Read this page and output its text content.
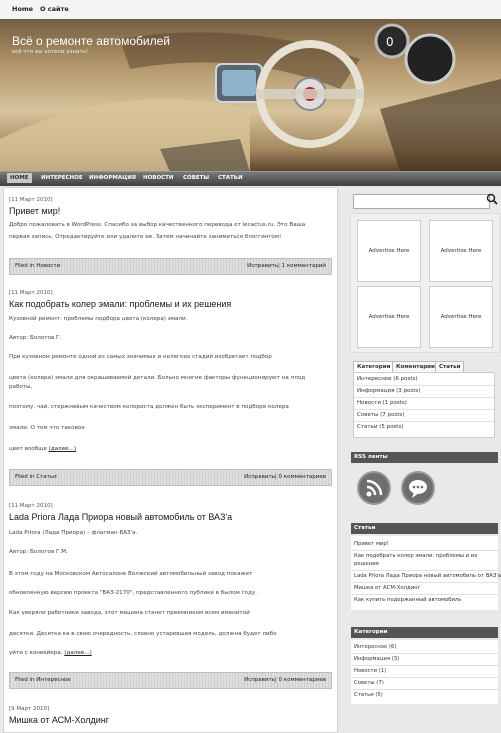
Home О сайте
0
Всё о ремонте автомобилей
всё что вы хотели узнать!
HOME	ИНТЕРЕСНОЕ ИНФОРМАЦИЯ НОВОСТИ СОВЕТЫ СТАТЬИ
[11 Март 2010]
Привет мир!
Добро пожаловать в WordPress. Спасибо за выбор качественного перевода от lecactus.ru. Это Ваша
первая запись. Отредактируйте или удалите ее. Затем начинайте заниматься блоггингом!
Filed in Новости	Исправить| 1 комментарий
[11 Март 2010]
Как подобрать колер эмали: проблемы и их решения
Кузовной ремонт: проблемы подбора цвета (колера) эмали.
Автор: Болотов Г.
При кузовном ремонте одной из самых значимых и нелегких стадий изобретает подбор
цвета (колера) эмали для окрашиваемой детали. Больно многие факторы функционируют на плод
работы,
поэтому, чай, стержневым качеством колориста должен быть эксперимент в подборе колера
эмали. О том что таковое
цвет вообще (далее...)
Filed in Статьи	Исправить| 0 комментариев
[11 Март 2010]
Lada Priora Лада Приора новый автомобиль от ВАЗ'а
Lada Priora (Лада Приора) – флагман ВАЗ'а.
Автор: Болотов Г.М.
В этом году на Московском Автосалоне Волжский автомобильный завод покажет
обновленную версию проекта "ВАЗ-2170", представленного публике в былом году.
Как уверяли работники завода, этот машина станет преемником всем именитой
десятки. Десятка ка в свою очередность, словно устаревшая модель, должна будет либо
уйти с конвейера, (далее...)
Filed in Интересное	Исправить| 0 комментариев
[9 Март 2010]
Мишка от АСМ-Холдинг
Advertise Here	Advertise Here
Advertise Here	Advertise Here
Категории	Коментарии Статьи
Интересное (6 posts)
Информация (3 posts)
Новости (1 posts)
Советы (7 posts)
Статьи (5 posts)
RSS ленты
Статьи
Привет мир!
Как подобрать колер эмали: проблемы и их
решения
Lada Priora Лада Приора новый автомобиль от ВАЗ'а
Мишка от АСМ-Холдинг
Как купить подержанный автомобиль
Категории
Интересное (6)
Информация (3)
Новости (1)
Советы (7)
Статьи (5)
